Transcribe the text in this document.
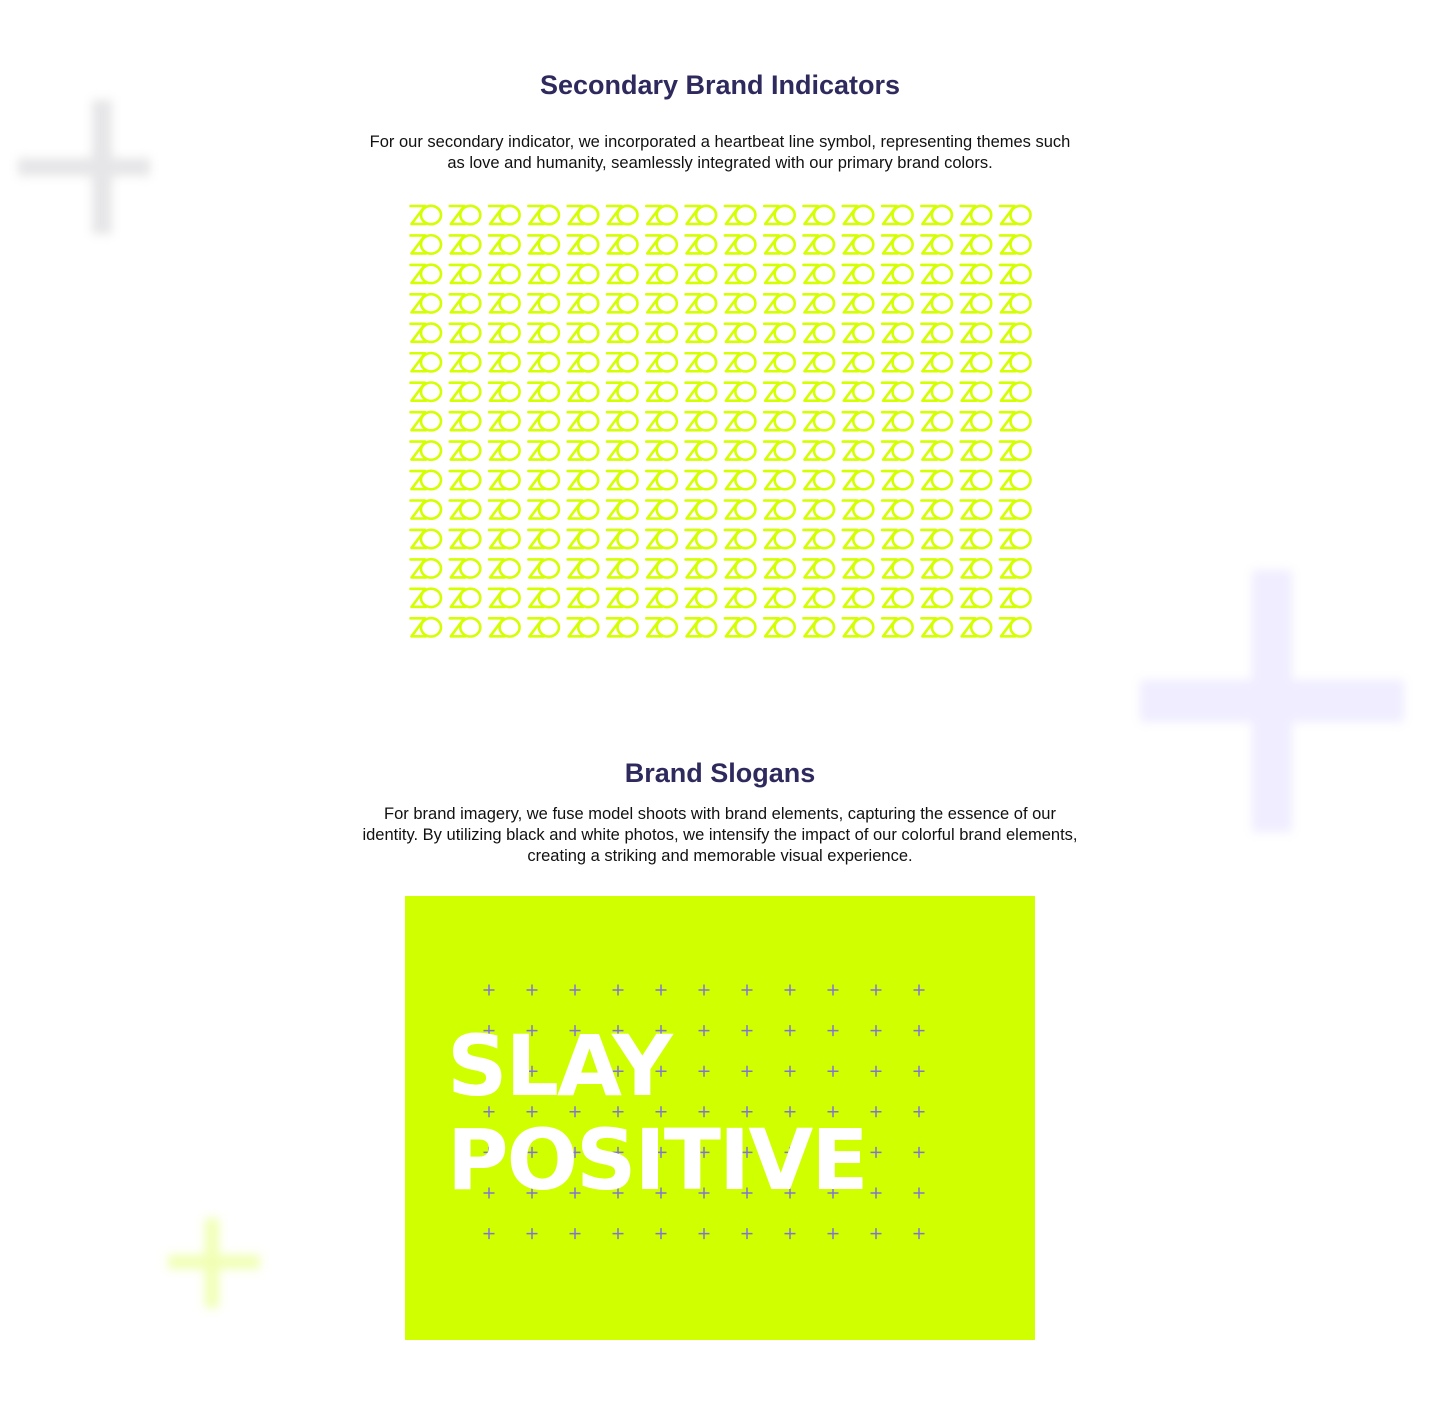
Secondary Brand Indicators

For our secondary indicator, we incorporated a heartbeat line symbol, representing themes such as love and humanity, seamlessly integrated with our primary brand colors.

Brand Slogans

For brand imagery, we fuse model shoots with brand elements, capturing the essence of our identity. By utilizing black and white photos, we intensify the impact of our colorful brand elements, creating a striking and memorable visual experience.

SLAY
POSITIVE
